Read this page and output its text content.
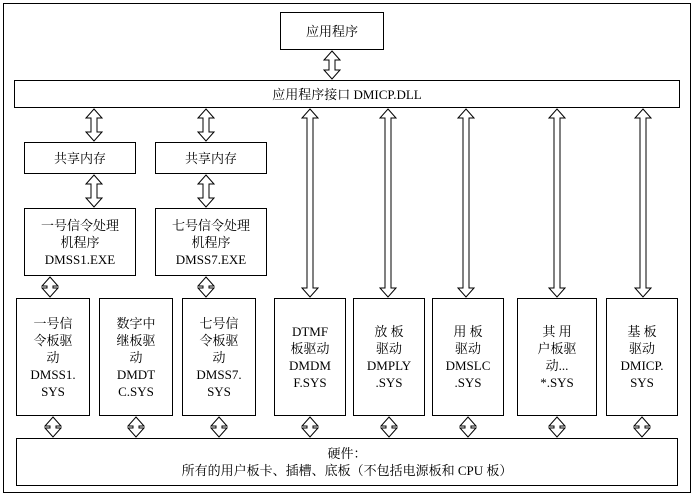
应用程序
应用程序接口 DMICP.DLL
共享内存	共享内存
一号信令处理
机程序
DMSS1.EXE
七号信令处理
机程序
DMSS7.EXE
一号信
令板驱
动
DMSS1.
SYS
数字中
继板驱
动
DMDT
C.SYS
七号信
令板驱
动
DMSS7.
SYS
DTMF
板驱动
DMDM
F.SYS
放 板
驱动
DMPLY
.SYS
用 板
驱动
DMSLC
.SYS
其 用
户板驱
动...
*.SYS
基 板
驱动
DMICP.
SYS
硬件：
所有的用户板卡、插槽、底板（不包括电源板和 CPU 板）
